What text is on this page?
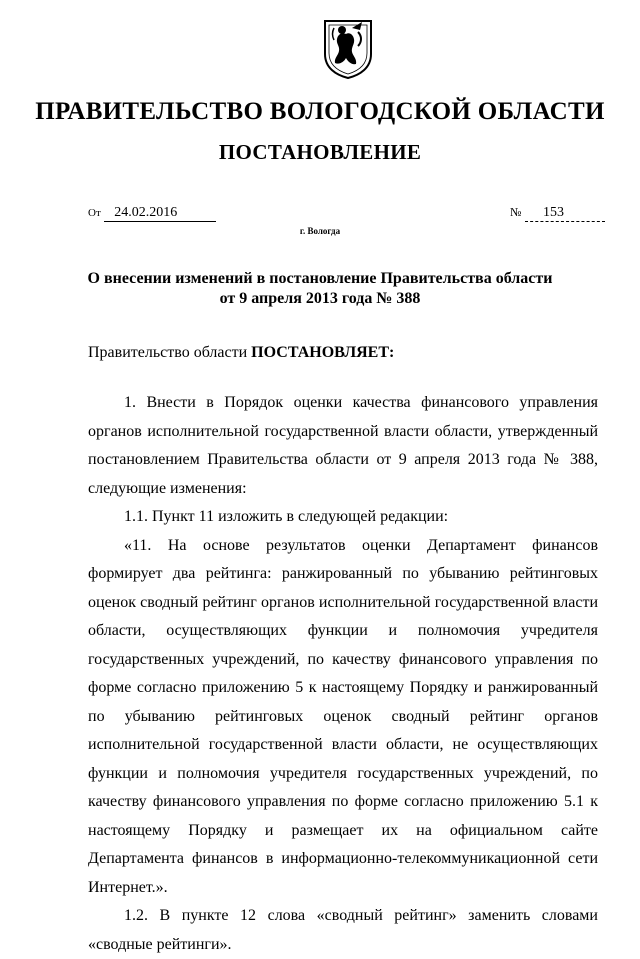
ПРАВИТЕЛЬСТВО ВОЛОГОДСКОЙ ОБЛАСТИ
ПОСТАНОВЛЕНИЕ
От 24.02.2016	№ 153
г. Вологда
О внесении изменений в постановление Правительства области
от 9 апреля 2013 года № 388
Правительство области ПОСТАНОВЛЯЕТ:

1. Внести в Порядок оценки качества финансового управления органов исполнительной государственной власти области, утвержденный постановлением Правительства области от 9 апреля 2013 года № 388, следующие изменения:

1.1. Пункт 11 изложить в следующей редакции:

«11. На основе результатов оценки Департамент финансов формирует два рейтинга: ранжированный по убыванию рейтинговых оценок сводный рейтинг органов исполнительной государственной власти области, осуществляющих функции и полномочия учредителя государственных учреждений, по качеству финансового управления по форме согласно приложению 5 к настоящему Порядку и ранжированный по убыванию рейтинговых оценок сводный рейтинг органов исполнительной государственной власти области, не осуществляющих функции и полномочия учредителя государственных учреждений, по качеству финансового управления по форме согласно приложению 5.1 к настоящему Порядку и размещает их на официальном сайте Департамента финансов в информационно-телекоммуникационной сети Интернет.».

1.2. В пункте 12 слова «сводный рейтинг» заменить словами «сводные рейтинги».
